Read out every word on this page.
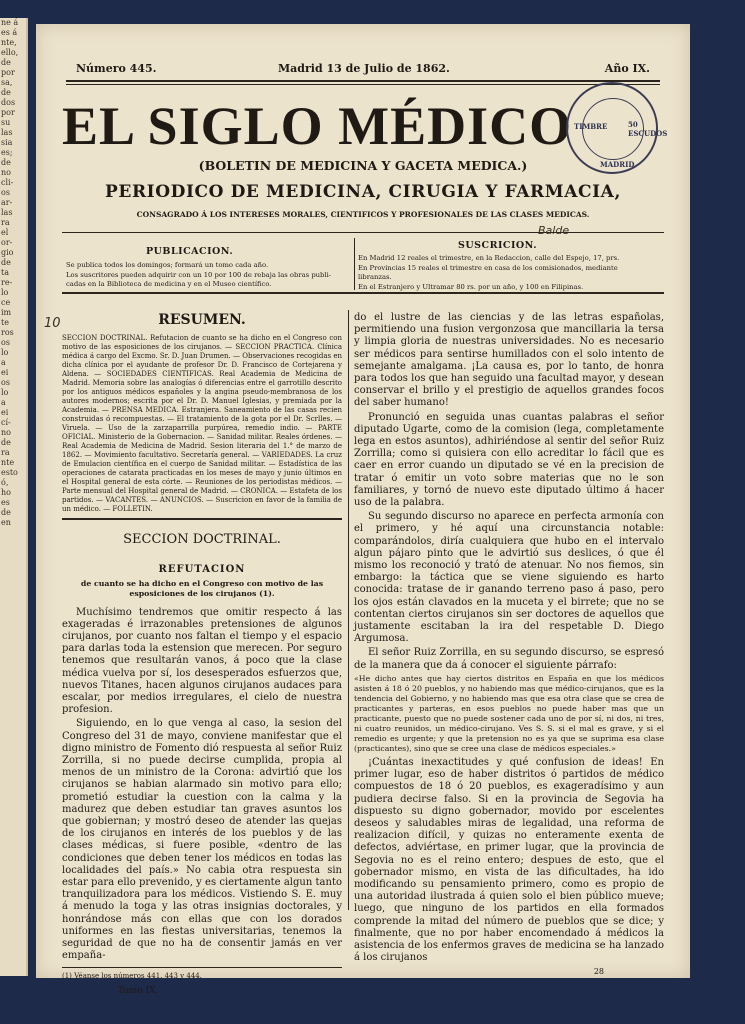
ne á
es á
nte,
ello,
de
por
sa,
de
dos
por
su
las
sia
es;
de
no
cli-
os
ar-
las
ra
el
or-
gio
de
ta
re-
lo
ce
im
te
ros
os
lo
a
ei
os
lo
a
ei
cí-
no
de
ra
nte
esto
ó,
ho
es
de
en
Número 445.	Madrid 13 de Julio de 1862.	Año IX.
EL SIGLO MÉDICO
(BOLETIN DE MEDICINA Y GACETA MEDICA.)
PERIODICO DE MEDICINA, CIRUGIA Y FARMACIA,
CONSAGRADO Á LOS INTERESES MORALES, CIENTIFICOS Y PROFESIONALES DE LAS CLASES MEDICAS.
TIMBRE
MADRID
50 ESCUDOS
PUBLICACION.
Se publica todos los domingos; formará un tomo cada año.
Los suscritores pueden adquirir con un 10 por 100 de rebaja las obras publi-
cadas en la Biblioteca de medicina y en el Museo científico.
SUSCRICION.
En Madrid 12 reales el trimestre, en la Redaccion, calle del Espejo, 17, prs.
En Provincias 15 reales el trimestre en casa de los comisionados, mediante
libranzas.
En el Estranjero y Ultramar 80 rs. por un año, y 100 en Filipinas.
10
Balde
RESUMEN.
SECCION DOCTRINAL. Refutacion de cuanto se ha dicho en el Congreso con motivo de las esposiciones de los cirujanos. — SECCION PRACTICA. Clínica médica á cargo del Excmo. Sr. D. Juan Drumen. — Observaciones recogidas en dicha clínica por el ayudante de profesor Dr. D. Francisco de Cortejarena y Aldena. — SOCIEDADES CIENTIFICAS. Real Academia de Medicina de Madrid. Memoria sobre las analogías ó diferencias entre el garrotillo descrito por los antiguos médicos españoles y la angina pseudo-membranosa de los autores modernos; escrita por el Dr. D. Manuel Iglesias, y premiada por la Academia. — PRENSA MEDICA. Estranjera. Saneamiento de las casas recien construidas ó recompuestas. — El tratamiento de la gota por el Dr. Scrlles. — Viruela. — Uso de la zarzaparrilla purpúrea, remedio indio. — PARTE OFICIAL. Ministerio de la Gobernacion. — Sanidad militar. Reales órdenes. — Real Academia de Medicina de Madrid. Sesion literaria del 1.° de marzo de 1862. — Movimiento facultativo. Secretaría general. — VARIEDADES. La cruz de Emulacion científica en el cuerpo de Sanidad militar. — Estadística de las operaciones de catarata practicadas en los meses de mayo y junio últimos en el Hospital general de esta córte. — Reuniones de los periodistas médicos. — Parte mensual del Hospital general de Madrid. — CRONICA. — Estafeta de los partidos. — VACANTES. — ANUNCIOS. — Suscricion en favor de la familia de un médico. — FOLLETIN.
SECCION DOCTRINAL.
REFUTACION
de cuanto se ha dicho en el Congreso con motivo de las esposiciones de los cirujanos (1).

Muchísimo tendremos que omitir respecto á las exageradas é irrazonables pretensiones de algunos cirujanos, por cuanto nos faltan el tiempo y el espacio para darlas toda la estension que merecen. Por seguro tenemos que resultarán vanos, á poco que la clase médica vuelva por sí, los desesperados esfuerzos que, nuevos Titanes, hacen algunos cirujanos audaces para escalar, por medios irregulares, el cielo de nuestra profesion.

Siguiendo, en lo que venga al caso, la sesion del Congreso del 31 de mayo, conviene manifestar que el digno ministro de Fomento dió respuesta al señor Ruiz Zorrilla, si no puede decirse cumplida, propia al menos de un ministro de la Corona: advirtió que los cirujanos se habian alarmado sin motivo para ello; prometió estudiar la cuestion con la calma y la madurez que deben estudiar tan graves asuntos los que gobiernan; y mostró deseo de atender las quejas de los cirujanos en interés de los pueblos y de las clases médicas, si fuere posible, «dentro de las condiciones que deben tener los médicos en todas las localidades del país.» No cabia otra respuesta sin estar para ello prevenido, y es ciertamente algun tanto tranquilizadora para los médicos. Vistiendo S. E. muy á menudo la toga y las otras insignias doctorales, y honrándose más con ellas que con los dorados uniformes en las fiestas universitarias, tenemos la seguridad de que no ha de consentir jamás en ver empaña-

(1) Véanse los números 441, 443 y 444.
Tomo IX.

do el lustre de las ciencias y de las letras españolas, permitiendo una fusion vergonzosa que mancillaria la tersa y limpia gloria de nuestras universidades. No es necesario ser médicos para sentirse humillados con el solo intento de semejante amalgama. ¡La causa es, por lo tanto, de honra para todos los que han seguido una facultad mayor, y desean conservar el brillo y el prestigio de aquellos grandes focos del saber humano!

Pronunció en seguida unas cuantas palabras el señor diputado Ugarte, como de la comision (lega, completamente lega en estos asuntos), adhiriéndose al sentir del señor Ruiz Zorrilla; como si quisiera con ello acreditar lo fácil que es caer en error cuando un diputado se vé en la precision de tratar ó emitir un voto sobre materias que no le son familiares, y tornó de nuevo este diputado último á hacer uso de la palabra.

Su segundo discurso no aparece en perfecta armonía con el primero, y hé aquí una circunstancia notable: comparándolos, diría cualquiera que hubo en el intervalo algun pájaro pinto que le advirtió sus deslices, ó que él mismo los reconoció y trató de atenuar. No nos fiemos, sin embargo: la táctica que se viene siguiendo es harto conocida: tratase de ir ganando terreno paso á paso, pero los ojos están clavados en la muceta y el birrete; que no se contentan ciertos cirujanos sin ser doctores de aquellos que justamente escitaban la ira del respetable D. Diego Argumosa.

El señor Ruiz Zorrilla, en su segundo discurso, se espresó de la manera que da á conocer el siguiente párrafo:

«He dicho antes que hay ciertos distritos en España en que los médicos asisten á 18 ó 20 pueblos, y no habiendo mas que médico-cirujanos, que es la tendencia del Gobierno, y no habiendo mas que esa otra clase que se crea de practicantes y parteras, en esos pueblos no puede haber mas que un practicante, puesto que no puede sostener cada uno de por sí, ni dos, ni tres, ni cuatro reunidos, un médico-cirujano. Ves S. S. si el mal es grave, y si el remedio es urgente; y que la pretension no es ya que se suprima esa clase (practicantes), sino que se cree una clase de médicos especiales.»

¡Cuántas inexactitudes y qué confusion de ideas! En primer lugar, eso de haber distritos ó partidos de médico compuestos de 18 ó 20 pueblos, es exageradísimo y aun pudiera decirse falso. Si en la provincia de Segovia ha dispuesto su digno gobernador, movido por escelentes deseos y saludables miras de legalidad, una reforma de realizacion difícil, y quizas no enteramente exenta de defectos, adviértase, en primer lugar, que la provincia de Segovia no es el reino entero; despues de esto, que el gobernador mismo, en vista de las dificultades, ha ido modificando su pensamiento primero, como es propio de una autoridad ilustrada á quien solo el bien público mueve; luego, que ninguno de los partidos en ella formados comprende la mitad del número de pueblos que se dice; y finalmente, que no por haber encomendado á médicos la asistencia de los enfermos graves de medicina se ha lanzado á los cirujanos

28
